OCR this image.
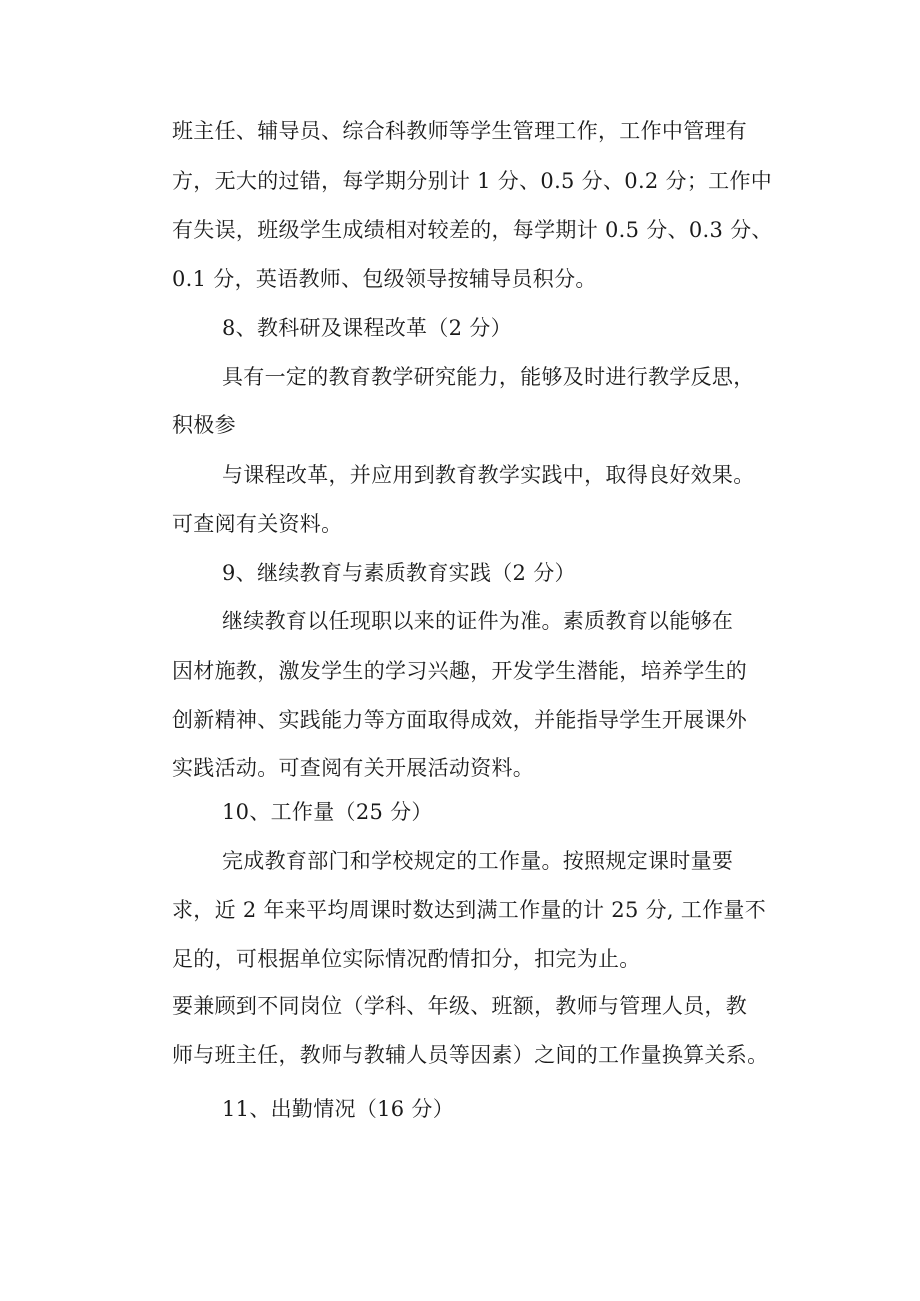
班主任、辅导员、综合科教师等学生管理工作，工作中管理有
方，无大的过错，每学期分别计 1 分、0.5 分、0.2 分；工作中
有失误，班级学生成绩相对较差的，每学期计 0.5 分、0.3 分、
0.1 分，英语教师、包级领导按辅导员积分。
8、教科研及课程改革（2 分）
具有一定的教育教学研究能力，能够及时进行教学反思，
积极参
与课程改革，并应用到教育教学实践中，取得良好效果。
可查阅有关资料。
9、继续教育与素质教育实践（2 分）
继续教育以任现职以来的证件为准。素质教育以能够在
因材施教，激发学生的学习兴趣，开发学生潜能，培养学生的
创新精神、实践能力等方面取得成效，并能指导学生开展课外
实践活动。可查阅有关开展活动资料。
10、工作量（25 分）
完成教育部门和学校规定的工作量。按照规定课时量要
求，近 2 年来平均周课时数达到满工作量的计 25 分, 工作量不
足的，可根据单位实际情况酌情扣分，扣完为止。
要兼顾到不同岗位（学科、年级、班额，教师与管理人员，教
师与班主任，教师与教辅人员等因素）之间的工作量换算关系。
11、出勤情况（16 分）
